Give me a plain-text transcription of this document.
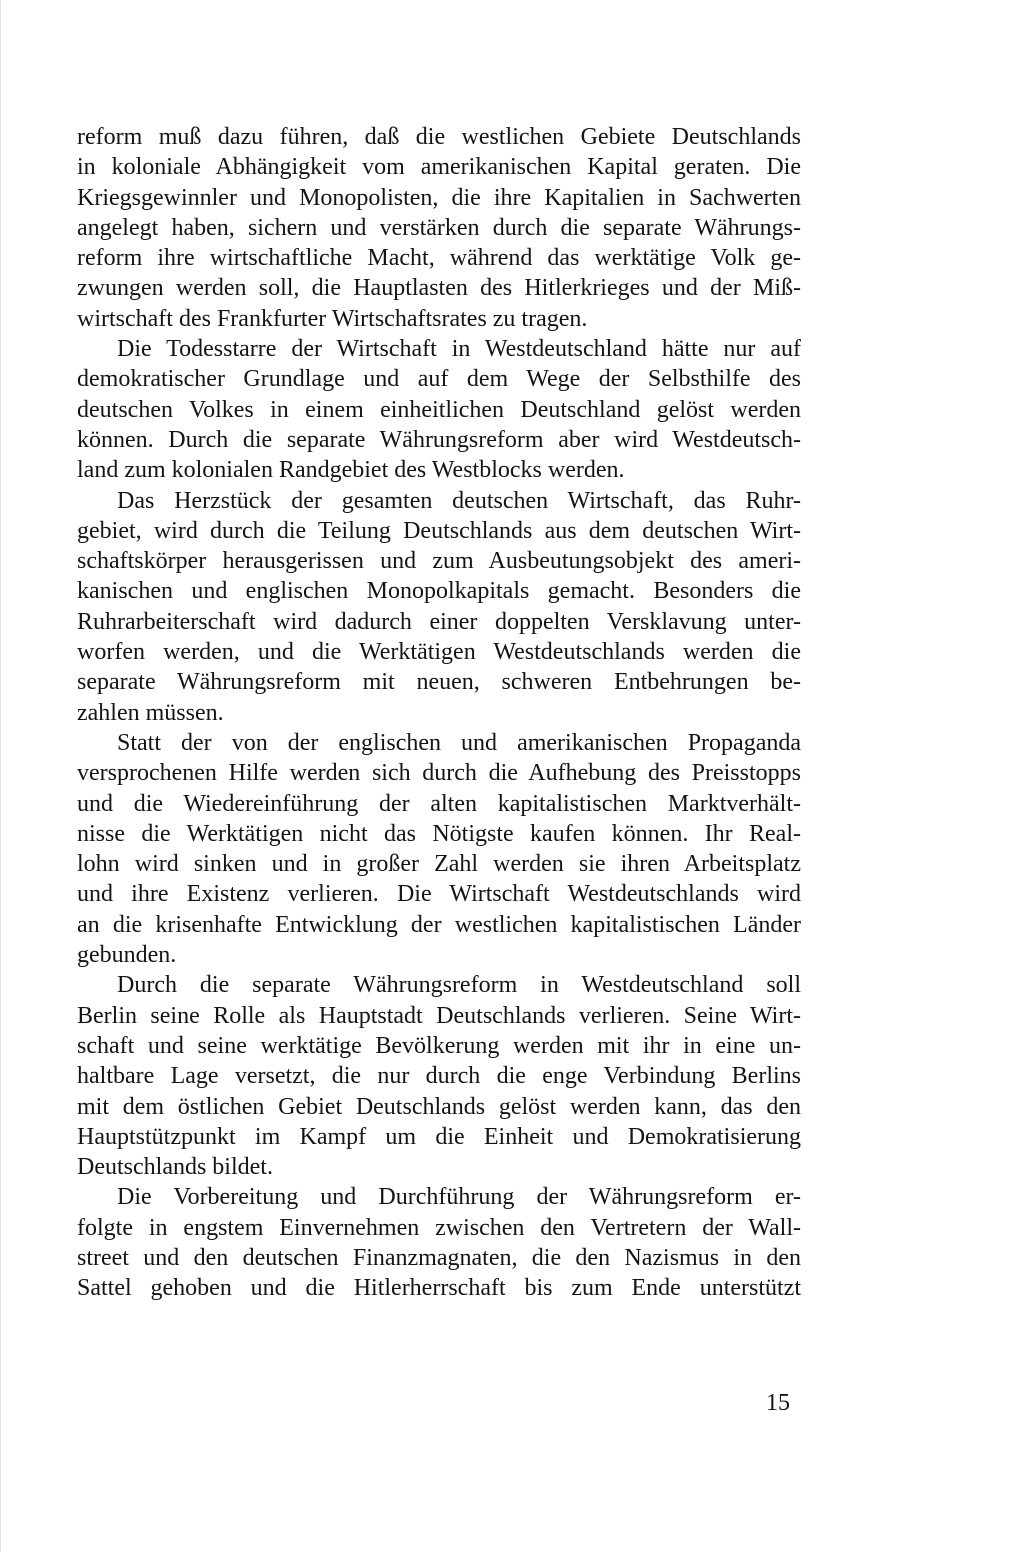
reform muß dazu führen, daß die westlichen Gebiete Deutschlands
in koloniale Abhängigkeit vom amerikanischen Kapital geraten. Die
Kriegsgewinnler und Monopolisten, die ihre Kapitalien in Sachwerten
angelegt haben, sichern und verstärken durch die separate Währungs-
reform ihre wirtschaftliche Macht, während das werktätige Volk ge-
zwungen werden soll, die Hauptlasten des Hitlerkrieges und der Miß-
wirtschaft des Frankfurter Wirtschaftsrates zu tragen.
Die Todesstarre der Wirtschaft in Westdeutschland hätte nur auf
demokratischer Grundlage und auf dem Wege der Selbsthilfe des
deutschen Volkes in einem einheitlichen Deutschland gelöst werden
können. Durch die separate Währungsreform aber wird Westdeutsch-
land zum kolonialen Randgebiet des Westblocks werden.
Das Herzstück der gesamten deutschen Wirtschaft, das Ruhr-
gebiet, wird durch die Teilung Deutschlands aus dem deutschen Wirt-
schaftskörper herausgerissen und zum Ausbeutungsobjekt des ameri-
kanischen und englischen Monopolkapitals gemacht. Besonders die
Ruhrarbeiterschaft wird dadurch einer doppelten Versklavung unter-
worfen werden, und die Werktätigen Westdeutschlands werden die
separate Währungsreform mit neuen, schweren Entbehrungen be-
zahlen müssen.
Statt der von der englischen und amerikanischen Propaganda
versprochenen Hilfe werden sich durch die Aufhebung des Preisstopps
und die Wiedereinführung der alten kapitalistischen Marktverhält-
nisse die Werktätigen nicht das Nötigste kaufen können. Ihr Real-
lohn wird sinken und in großer Zahl werden sie ihren Arbeitsplatz
und ihre Existenz verlieren. Die Wirtschaft Westdeutschlands wird
an die krisenhafte Entwicklung der westlichen kapitalistischen Länder
gebunden.
Durch die separate Währungsreform in Westdeutschland soll
Berlin seine Rolle als Hauptstadt Deutschlands verlieren. Seine Wirt-
schaft und seine werktätige Bevölkerung werden mit ihr in eine un-
haltbare Lage versetzt, die nur durch die enge Verbindung Berlins
mit dem östlichen Gebiet Deutschlands gelöst werden kann, das den
Hauptstützpunkt im Kampf um die Einheit und Demokratisierung
Deutschlands bildet.
Die Vorbereitung und Durchführung der Währungsreform er-
folgte in engstem Einvernehmen zwischen den Vertretern der Wall-
street und den deutschen Finanzmagnaten, die den Nazismus in den
Sattel gehoben und die Hitlerherrschaft bis zum Ende unterstützt
15
